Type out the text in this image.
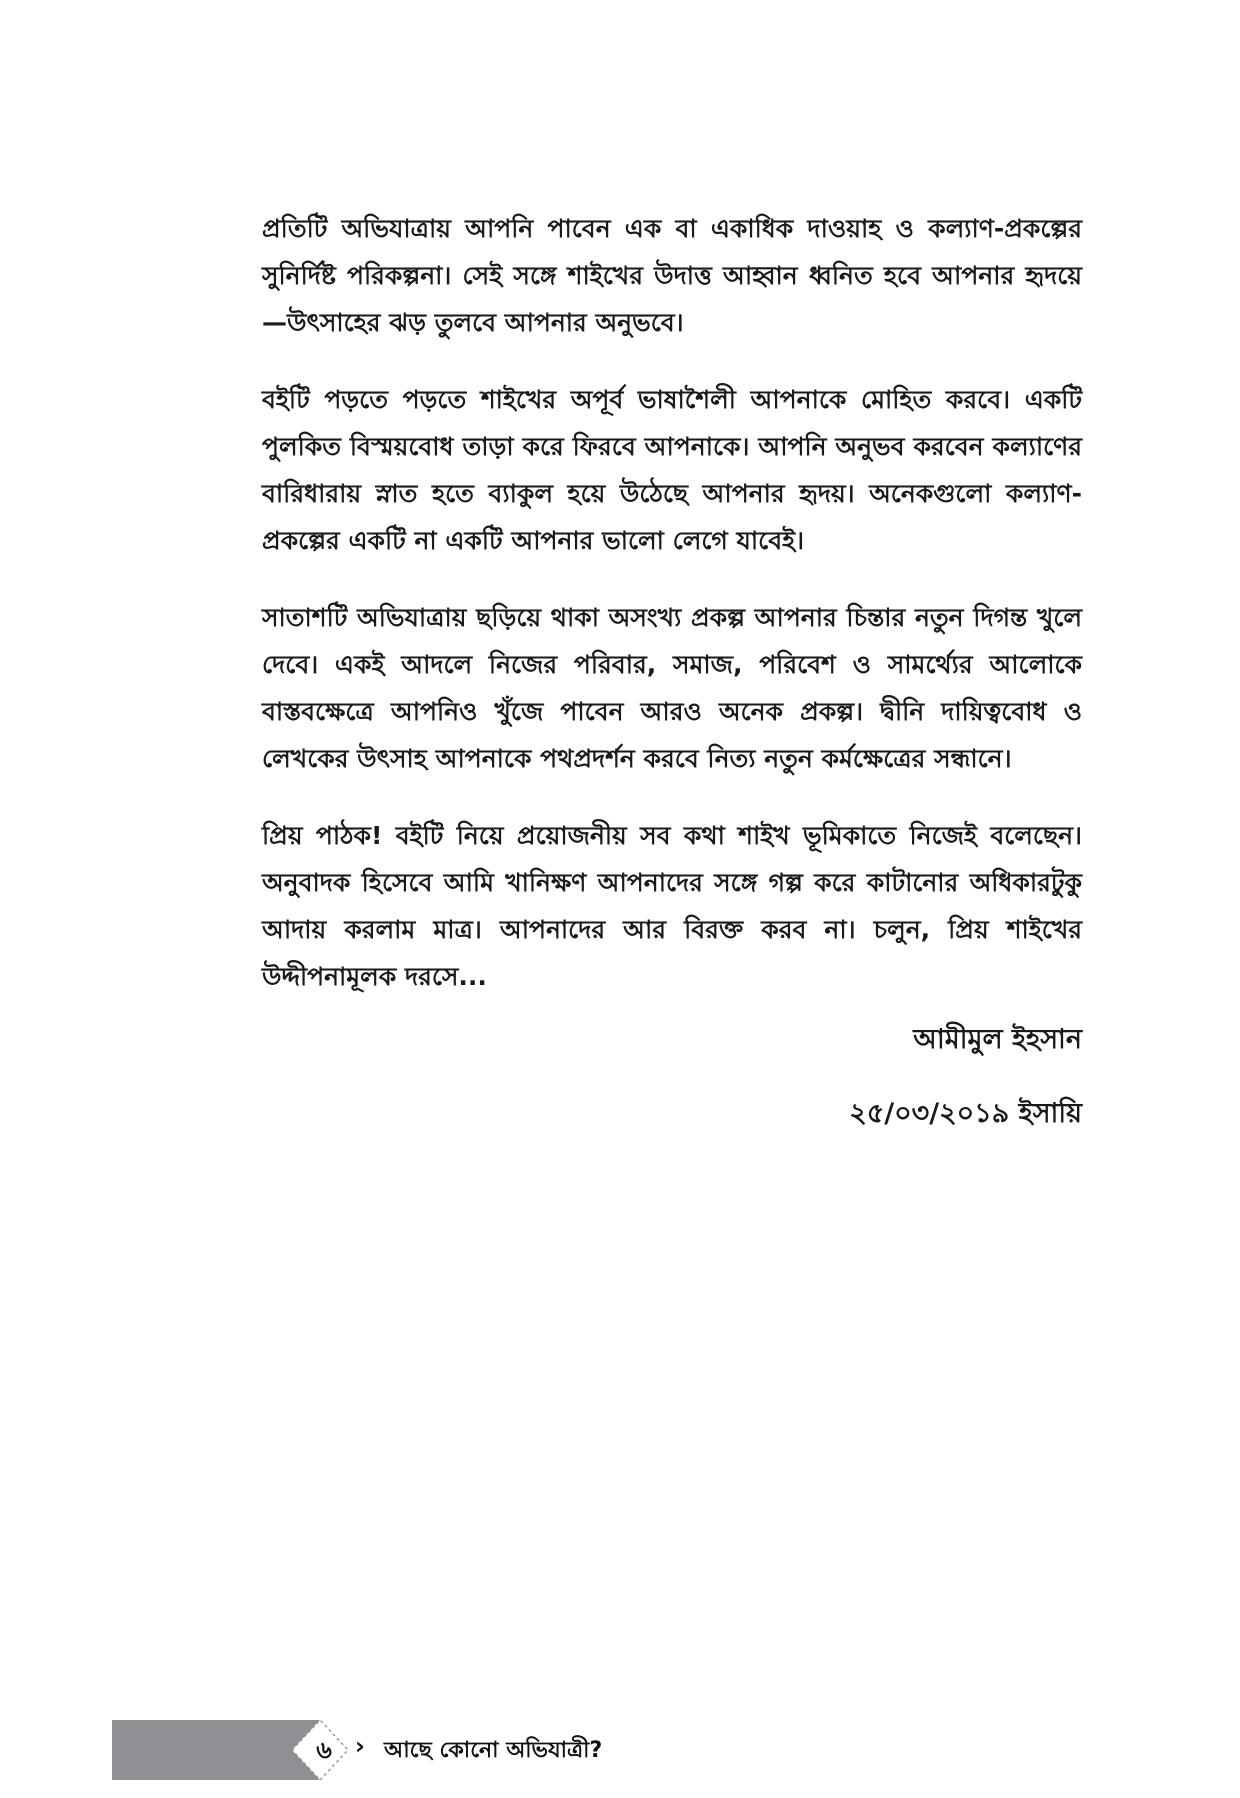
প্রতিটি অভিযাত্রায় আপনি পাবেন এক বা একাধিক দাওয়াহ ও কল্যাণ-প্রকল্পের সুনির্দিষ্ট পরিকল্পনা। সেই সঙ্গে শাইখের উদাত্ত আহ্বান ধ্বনিত হবে আপনার হৃদয়ে—উৎসাহের ঝড় তুলবে আপনার অনুভবে।

বইটি পড়তে পড়তে শাইখের অপূর্ব ভাষাশৈলী আপনাকে মোহিত করবে। একটি পুলকিত বিস্ময়বোধ তাড়া করে ফিরবে আপনাকে। আপনি অনুভব করবেন কল্যাণের বারিধারায় স্নাত হতে ব্যাকুল হয়ে উঠেছে আপনার হৃদয়। অনেকগুলো কল্যাণ-প্রকল্পের একটি না একটি আপনার ভালো লেগে যাবেই।

সাতাশটি অভিযাত্রায় ছড়িয়ে থাকা অসংখ্য প্রকল্প আপনার চিন্তার নতুন দিগন্ত খুলে দেবে। একই আদলে নিজের পরিবার, সমাজ, পরিবেশ ও সামর্থ্যের আলোকে বাস্তবক্ষেত্রে আপনিও খুঁজে পাবেন আরও অনেক প্রকল্প। দ্বীনি দায়িত্ববোধ ও লেখকের উৎসাহ আপনাকে পথপ্রদর্শন করবে নিত্য নতুন কর্মক্ষেত্রের সন্ধানে।

প্রিয় পাঠক! বইটি নিয়ে প্রয়োজনীয় সব কথা শাইখ ভূমিকাতে নিজেই বলেছেন। অনুবাদক হিসেবে আমি খানিক্ষণ আপনাদের সঙ্গে গল্প করে কাটানোর অধিকারটুকু আদায় করলাম মাত্র। আপনাদের আর বিরক্ত করব না। চলুন, প্রিয় শাইখের উদ্দীপনামূলক দরসে...

আমীমুল ইহসান

২৫/০৩/২০১৯ ইসায়ি

৬ › আছে কোনো অভিযাত্রী?
